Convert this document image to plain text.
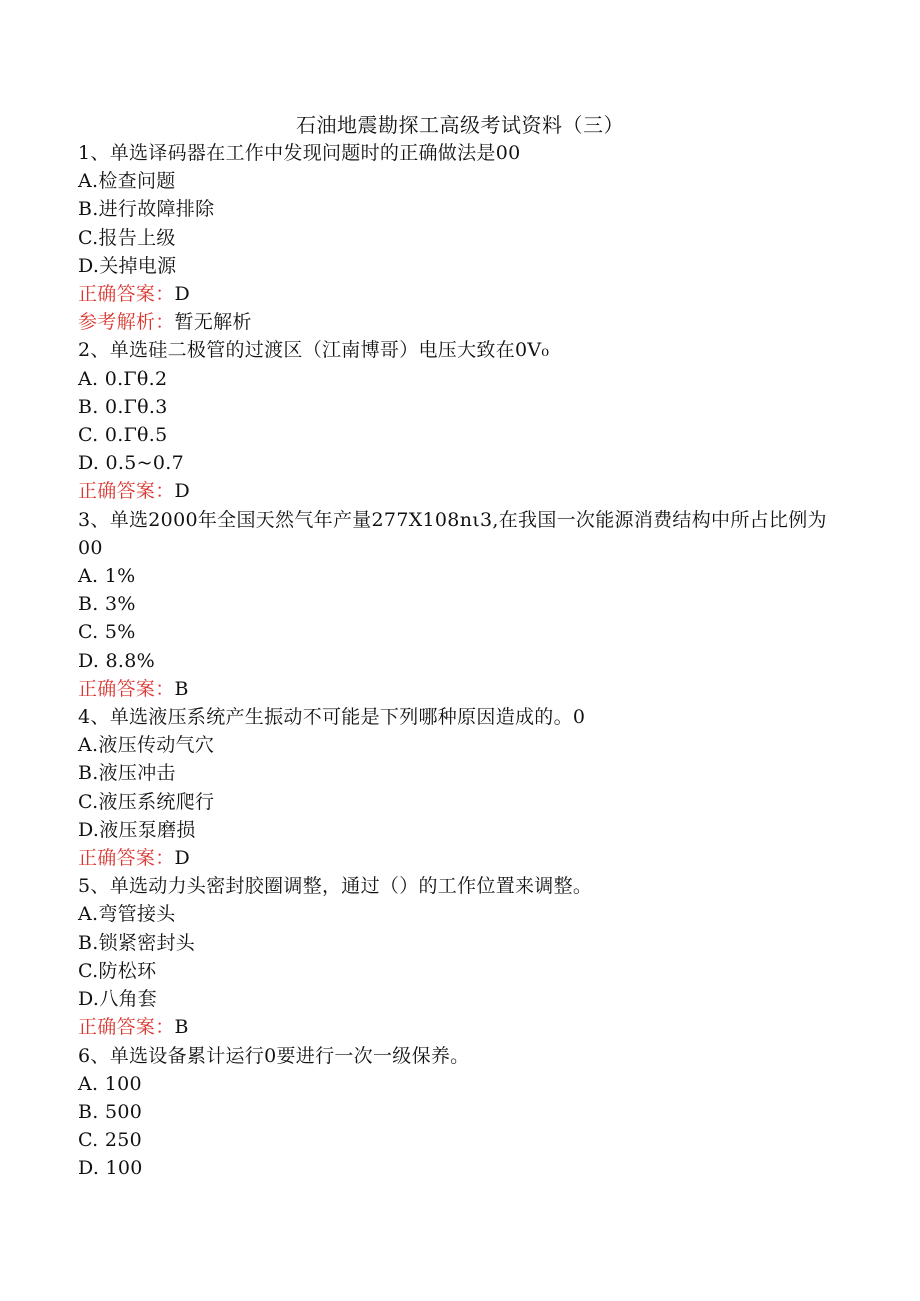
石油地震勘探工高级考试资料（三）
1、单选译码器在工作中发现问题时的正确做法是00
A.检查问题
B.进行故障排除
C.报告上级
D.关掉电源
正确答案：D
参考解析：暂无解析
2、单选硅二极管的过渡区（江南博哥）电压大致在0V₀
A. 0.Γθ.2
B. 0.Γθ.3
C. 0.Γθ.5
D. 0.5~0.7
正确答案：D
3、单选2000年全国天然气年产量277X108nι3,在我国一次能源消费结构中所占比例为00
A. 1%
B. 3%
C. 5%
D. 8.8%
正确答案：B
4、单选液压系统产生振动不可能是下列哪种原因造成的。0
A.液压传动气穴
B.液压冲击
C.液压系统爬行
D.液压泵磨损
正确答案：D
5、单选动力头密封胶圈调整，通过（）的工作位置来调整。
A.弯管接头
B.锁紧密封头
C.防松环
D.八角套
正确答案：B
6、单选设备累计运行0要进行一次一级保养。
A. 100
B. 500
C. 250
D. 100
